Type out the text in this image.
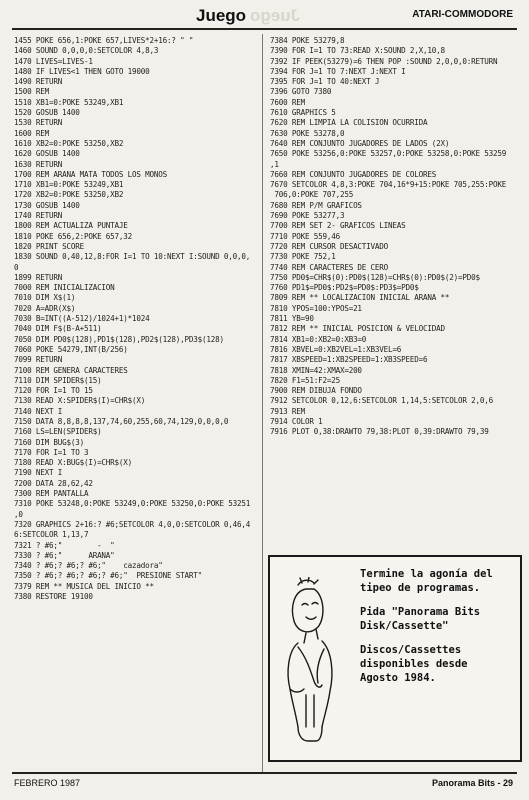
Juego Juego	ATARI-COMMODORE
1455 POKE 656,1:POKE 657,LIVES*2+16:? " "
1460 SOUND 0,0,0,0:SETCOLOR 4,8,3
1470 LIVES=LIVES-1
1480 IF LIVES<1 THEN GOTO 19000
1490 RETURN
1500 REM
1510 XB1=0:POKE 53249,XB1
1520 GOSUB 1400
1530 RETURN
1600 REM
1610 XB2=0:POKE 53250,XB2
1620 GOSUB 1400
1630 RETURN
1700 REM ARANA MATA TODOS LOS MONOS
1710 XB1=0:POKE 53249,XB1
1720 XB2=0:POKE 53250,XB2
1730 GOSUB 1400
1740 RETURN
1800 REM ACTUALIZA PUNTAJE
1810 POKE 656,2:POKE 657,32
1820 PRINT SCORE
1830 SOUND 0,40,12,8:FOR I=1 TO 10:NEXT I:SOUND 0,0,0,
0
1899 RETURN
7000 REM INICIALIZACION
7010 DIM X$(1)
7020 A=ADR(X$)
7030 B=INT((A-512)/1024+1)*1024
7040 DIM F$(B-A+511)
7050 DIM PD0$(128),PD1$(128),PD2$(128),PD3$(128)
7060 POKE 54279,INT(B/256)
7099 RETURN
7100 REM GENERA CARACTERES
7110 DIM SPIDER$(15)
7120 FOR I=1 TO 15
7130 READ X:SPIDER$(I)=CHR$(X)
7140 NEXT I
7150 DATA 8,8,8,8,137,74,60,255,60,74,129,0,0,0,0
7160 LS=LEN(SPIDER$)
7160 DIM BUG$(3)
7170 FOR I=1 TO 3
7180 READ X:BUG$(I)=CHR$(X)
7190 NEXT I
7200 DATA 28,62,42
7300 REM PANTALLA
7310 POKE 53248,0:POKE 53249,0:POKE 53250,0:POKE 53251
,0
7320 GRAPHICS 2+16:? #6;SETCOLOR 4,0,0:SETCOLOR 0,46,4
6:SETCOLOR 1,13,7
7321 ? #6;"        -  "
7330 ? #6;"      ARANA"
7340 ? #6;? #6;? #6;"    cazadora"
7350 ? #6;? #6;? #6;? #6;"  PRESIONE START"
7379 REM ** MUSICA DEL INICIO **
7380 RESTORE 19100
7384 POKE 53279,8
7390 FOR I=1 TO 73:READ X:SOUND 2,X,10,8
7392 IF PEEK(53279)=6 THEN POP :SOUND 2,0,0,0:RETURN
7394 FOR J=1 TO 7:NEXT J:NEXT I
7395 FOR J=1 TO 40:NEXT J
7396 GOTO 7380
7600 REM
7610 GRAPHICS 5
7620 REM LIMPIA LA COLISION OCURRIDA
7630 POKE 53278,0
7640 REM CONJUNTO JUGADORES DE LADOS (2X)
7650 POKE 53256,0:POKE 53257,0:POKE 53258,0:POKE 53259
,1
7660 REM CONJUNTO JUGADORES DE COLORES
7670 SETCOLOR 4,8,3:POKE 704,16*9+15:POKE 705,255:POKE
706,0:POKE 707,255
7680 REM P/M GRAFICOS
7690 POKE 53277,3
7700 REM SET 2- GRAFICOS LINEAS
7710 POKE 559,46
7720 REM CURSOR DESACTIVADO
7730 POKE 752,1
7740 REM CARACTERES DE CERO
7750 PD0$=CHR$(0):PD0$(128)=CHR$(0):PD0$(2)=PD0$
7760 PD1$=PD0$:PD2$=PD0$:PD3$=PD0$
7809 REM ** LOCALIZACION INICIAL ARANA **
7810 YPOS=100:YPOS=21
7811 YB=90
7812 REM ** INICIAL POSICION & VELOCIDAD
7814 XB1=0:XB2=0:XB3=0
7816 XBVEL=0:XB2VEL=1:XB3VEL=6
7817 XBSPEED=1:XB2SPEED=1:XB3SPEED=6
7818 XMIN=42:XMAX=200
7820 F1=51:F2=25
7900 REM DIBUJA FONDO
7912 SETCOLOR 0,12,6:SETCOLOR 1,14,5:SETCOLOR 2,0,6
7913 REM
7914 COLOR 1
7916 PLOT 0,38:DRAWTO 79,38:PLOT 0,39:DRAWTO 79,39
Termine la agonía del tipeo de programas.
Pida "Panorama Bits Disk/Cassette"
Discos/Cassettes disponibles desde Agosto 1984.
FEBRERO 1987	Panorama Bits - 29
